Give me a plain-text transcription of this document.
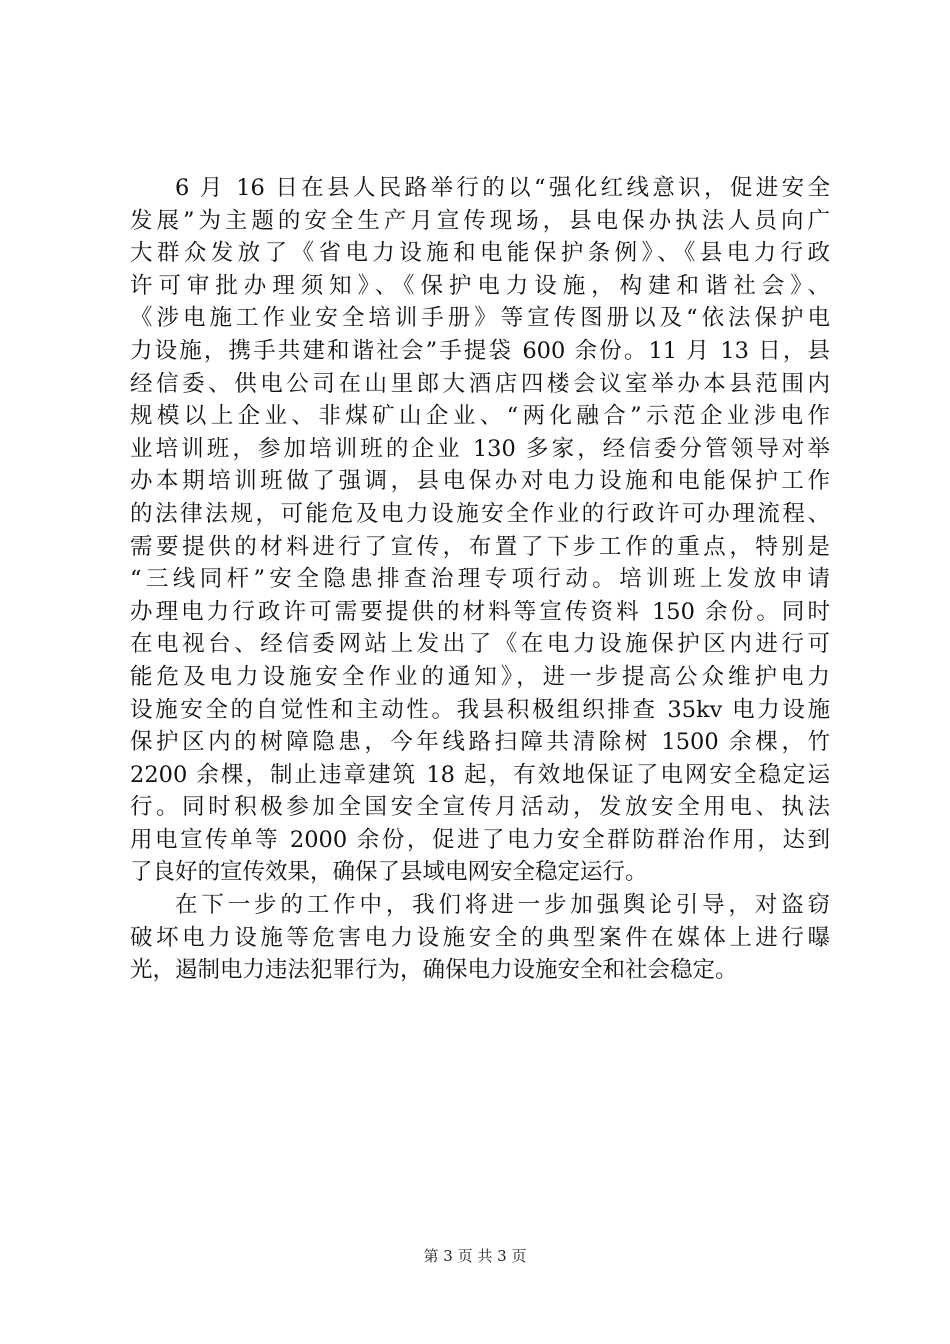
6 月 16 日在县人民路举行的以“强化红线意识，促进安全
发展”为主题的安全生产月宣传现场，县电保办执法人员向广
大群众发放了《省电力设施和电能保护条例》、《县电力行政
许可审批办理须知》、《保护电力设施，构建和谐社会》、
《涉电施工作业安全培训手册》等宣传图册以及“依法保护电
力设施，携手共建和谐社会”手提袋 600 余份。11 月 13 日，县
经信委、供电公司在山里郎大酒店四楼会议室举办本县范围内
规模以上企业、非煤矿山企业、“两化融合”示范企业涉电作
业培训班，参加培训班的企业 130 多家，经信委分管领导对举
办本期培训班做了强调，县电保办对电力设施和电能保护工作
的法律法规，可能危及电力设施安全作业的行政许可办理流程、
需要提供的材料进行了宣传，布置了下步工作的重点，特别是
“三线同杆”安全隐患排查治理专项行动。培训班上发放申请
办理电力行政许可需要提供的材料等宣传资料 150 余份。同时
在电视台、经信委网站上发出了《在电力设施保护区内进行可
能危及电力设施安全作业的通知》，进一步提高公众维护电力
设施安全的自觉性和主动性。我县积极组织排查 35kv 电力设施
保护区内的树障隐患，今年线路扫障共清除树 1500 余棵，竹
2200 余棵，制止违章建筑 18 起，有效地保证了电网安全稳定运
行。同时积极参加全国安全宣传月活动，发放安全用电、执法
用电宣传单等 2000 余份，促进了电力安全群防群治作用，达到
了良好的宣传效果，确保了县域电网安全稳定运行。
在下一步的工作中，我们将进一步加强舆论引导，对盗窃
破坏电力设施等危害电力设施安全的典型案件在媒体上进行曝
光，遏制电力违法犯罪行为，确保电力设施安全和社会稳定。
第 3 页 共 3 页
